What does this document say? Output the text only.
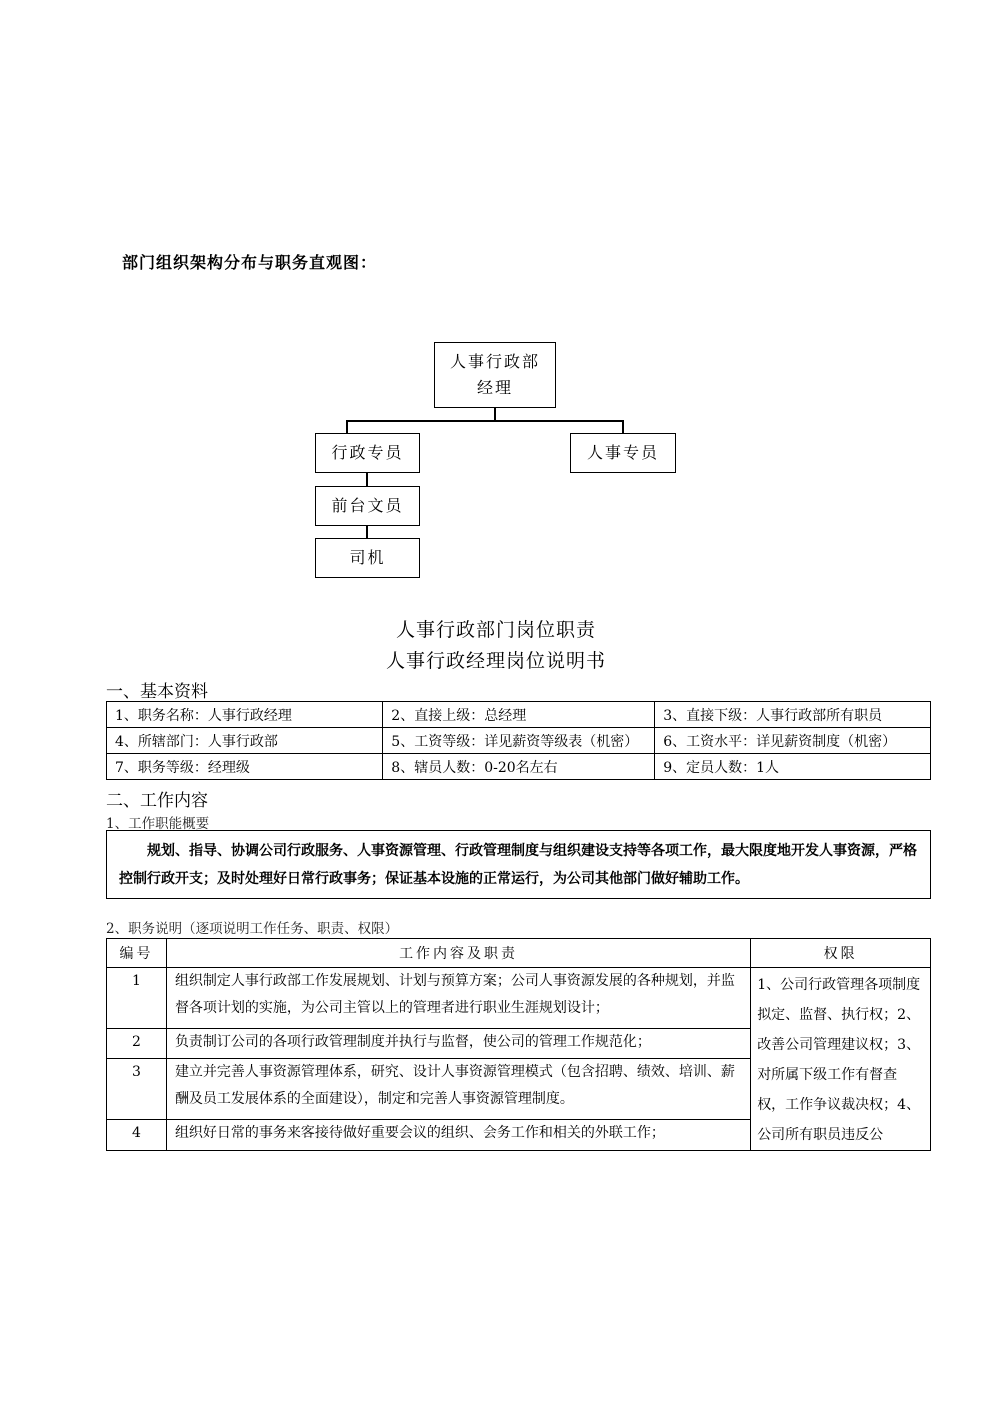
部门组织架构分布与职务直观图：
人事行政部
经理
行政专员	人事专员
前台文员
司机
人事行政部门岗位职责
人事行政经理岗位说明书
一、基本资料
1、职务名称：人事行政经理	2、直接上级：总经理	3、直接下级：人事行政部所有职员
4、所辖部门：人事行政部	5、工资等级：详见薪资等级表（机密）	6、工资水平：详见薪资制度（机密）
7、职务等级：经理级	8、辖员人数：0-20名左右	9、定员人数：1人
二、工作内容
1、工作职能概要
规划、指导、协调公司行政服务、人事资源管理、行政管理制度与组织建设支持等各项工作，最大限度地开发人事资源，严格控制行政开支；及时处理好日常行政事务；保证基本设施的正常运行，为公司其他部门做好辅助工作。
2、职务说明（逐项说明工作任务、职责、权限）
编号	工作内容及职责	权限
1	组织制定人事行政部工作发展规划、计划与预算方案；公司人事资源发展的各种规划，并监督各项计划的实施，为公司主管以上的管理者进行职业生涯规划设计；	1、公司行政管理各项制度拟定、监督、执行权；2、改善公司管理建议权；3、对所属下级工作有督查权，工作争议裁决权；4、公司所有职员违反公
2	负责制订公司的各项行政管理制度并执行与监督，使公司的管理工作规范化；	
3	建立并完善人事资源管理体系，研究、设计人事资源管理模式（包含招聘、绩效、培训、薪酬及员工发展体系的全面建设），制定和完善人事资源管理制度。	
4	组织好日常的事务来客接待做好重要会议的组织、会务工作和相关的外联工作；	
